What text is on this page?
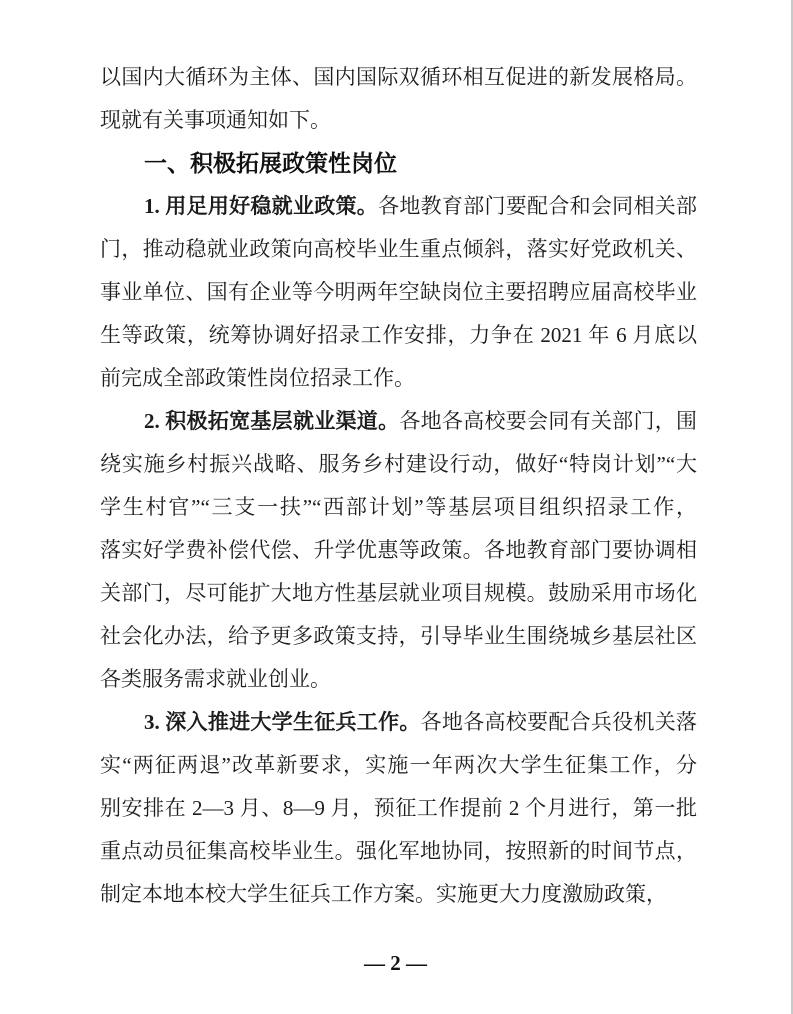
以国内大循环为主体、国内国际双循环相互促进的新发展格局。
现就有关事项通知如下。
一、积极拓展政策性岗位
1. 用足用好稳就业政策。各地教育部门要配合和会同相关部
门，推动稳就业政策向高校毕业生重点倾斜，落实好党政机关、
事业单位、国有企业等今明两年空缺岗位主要招聘应届高校毕业
生等政策，统筹协调好招录工作安排，力争在 2021 年 6 月底以
前完成全部政策性岗位招录工作。
2. 积极拓宽基层就业渠道。各地各高校要会同有关部门，围
绕实施乡村振兴战略、服务乡村建设行动，做好“特岗计划”“大
学生村官”“三支一扶”“西部计划”等基层项目组织招录工作，
落实好学费补偿代偿、升学优惠等政策。各地教育部门要协调相
关部门，尽可能扩大地方性基层就业项目规模。鼓励采用市场化
社会化办法，给予更多政策支持，引导毕业生围绕城乡基层社区
各类服务需求就业创业。
3. 深入推进大学生征兵工作。各地各高校要配合兵役机关落
实“两征两退”改革新要求，实施一年两次大学生征集工作，分
别安排在 2—3 月、8—9 月，预征工作提前 2 个月进行，第一批
重点动员征集高校毕业生。强化军地协同，按照新的时间节点，
制定本地本校大学生征兵工作方案。实施更大力度激励政策，
— 2 —
